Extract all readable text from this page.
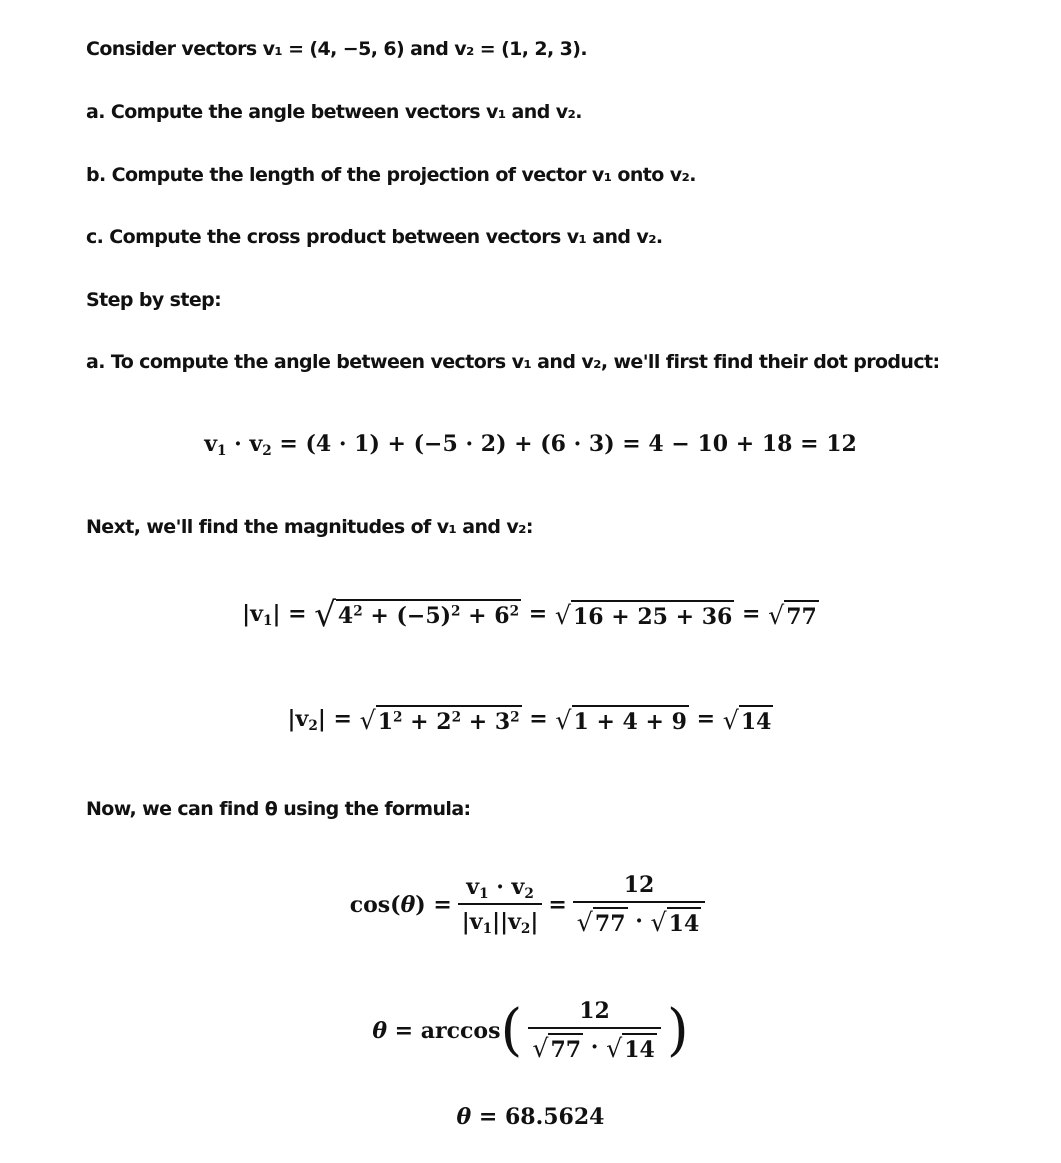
Consider vectors v₁ = (4, −5, 6) and v₂ = (1, 2, 3).
a. Compute the angle between vectors v₁ and v₂.
b. Compute the length of the projection of vector v₁ onto v₂.
c. Compute the cross product between vectors v₁ and v₂.
Step by step:
a. To compute the angle between vectors v₁ and v₂, we'll first find their dot product:
$v_1 \cdot v_2 = (4 \cdot 1) + (-5 \cdot 2) + (6 \cdot 3) = 4 - 10 + 18 = 12$
Next, we'll find the magnitudes of v₁ and v₂:
$|v_1| = √4^2 + (-5)^2 + 6^2 = √16 + 25 + 36 = √77$
$|v_2| = √1^2 + 2^2 + 3^2 = √1 + 4 + 9 = √14$
Now, we can find θ using the formula:
$\cos(\theta) = \frac{v_1 \cdot v_2}{|v_1||v_2|} = \frac{12}{√77 \cdot √14}$
$\theta = \arccos( \frac{12}{√77 \cdot √14}$ )
θ = 68.5624
